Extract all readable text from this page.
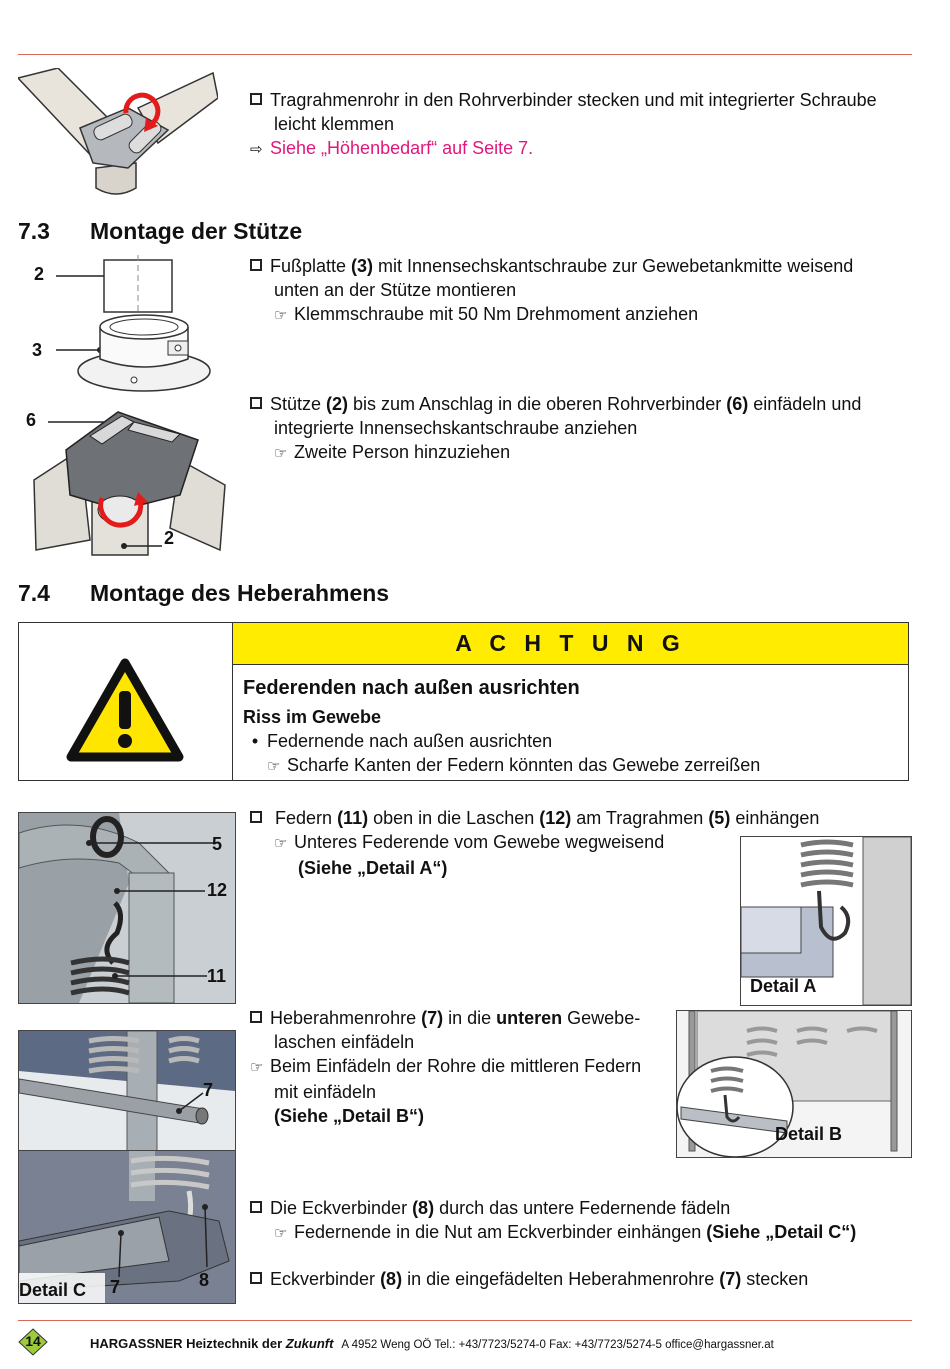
Tragrahmenrohr in den Rohrverbinder stecken und mit integrierter Schraube
leicht klemmen
⇨ Siehe „Höhenbedarf“ auf Seite 7.
7.3 Montage der Stütze
2
3
Fußplatte (3) mit Innensechskantschraube zur Gewebetankmitte weisend
unten an der Stütze montieren
☞ Klemmschraube mit 50 Nm Drehmoment anziehen
6
2
Stütze (2) bis zum Anschlag in die oberen Rohrverbinder (6) einfädeln und
integrierte Innensechskantschraube anziehen
☞ Zweite Person hinzuziehen
7.4 Montage des Heberahmens
A C H T U N G
Federenden nach außen ausrichten
Riss im Gewebe
• Federnende nach außen ausrichten
☞ Scharfe Kanten der Federn könnten das Gewebe zerreißen
5
12
11
Federn (11) oben in die Laschen (12) am Tragrahmen (5) einhängen
☞ Unteres Federende vom Gewebe wegweisend
(Siehe „Detail A“)
Detail A
7
Heberahmenrohre (7) in die unteren Gewebe-
laschen einfädeln
☞ Beim Einfädeln der Rohre die mittleren Federn
mit einfädeln
(Siehe „Detail B“)
Detail B
Detail C 7	8
Die Eckverbinder (8) durch das untere Federnende fädeln
☞ Federnende in die Nut am Eckverbinder einhängen (Siehe „Detail C“)
Eckverbinder (8) in die eingefädelten Heberahmenrohre (7) stecken
14	HARGASSNER Heiztechnik der Zukunft A 4952 Weng OÖ Tel.: +43/7723/5274-0 Fax: +43/7723/5274-5 office@hargassner.at
